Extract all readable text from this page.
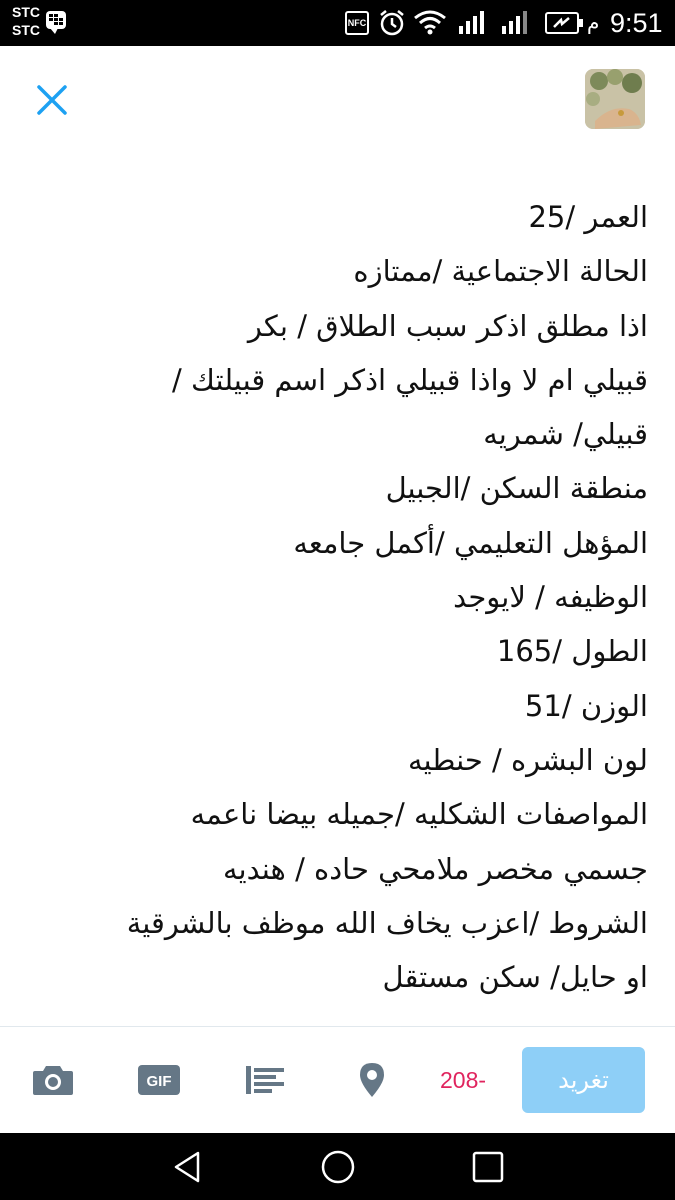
STC
STC	NFC	م 9:51
العمر /25
الحالة الاجتماعية /ممتازه
اذا مطلق اذكر سبب الطلاق / بكر
قبيلي ام لا واذا قبيلي اذكر اسم قبيلتك /
قبيلي/ شمريه
منطقة السكن /الجبيل
المؤهل التعليمي /أكمل جامعه
الوظيفه / لايوجد
الطول /165
الوزن /51
لون البشره / حنطيه
المواصفات الشكليه /جميله بيضا ناعمه
جسمي مخصر ملامحي حاده / هنديه
الشروط /اعزب يخاف الله موظف بالشرقية
او حايل/ سكن مستقل
GIF	208-	تغريد
